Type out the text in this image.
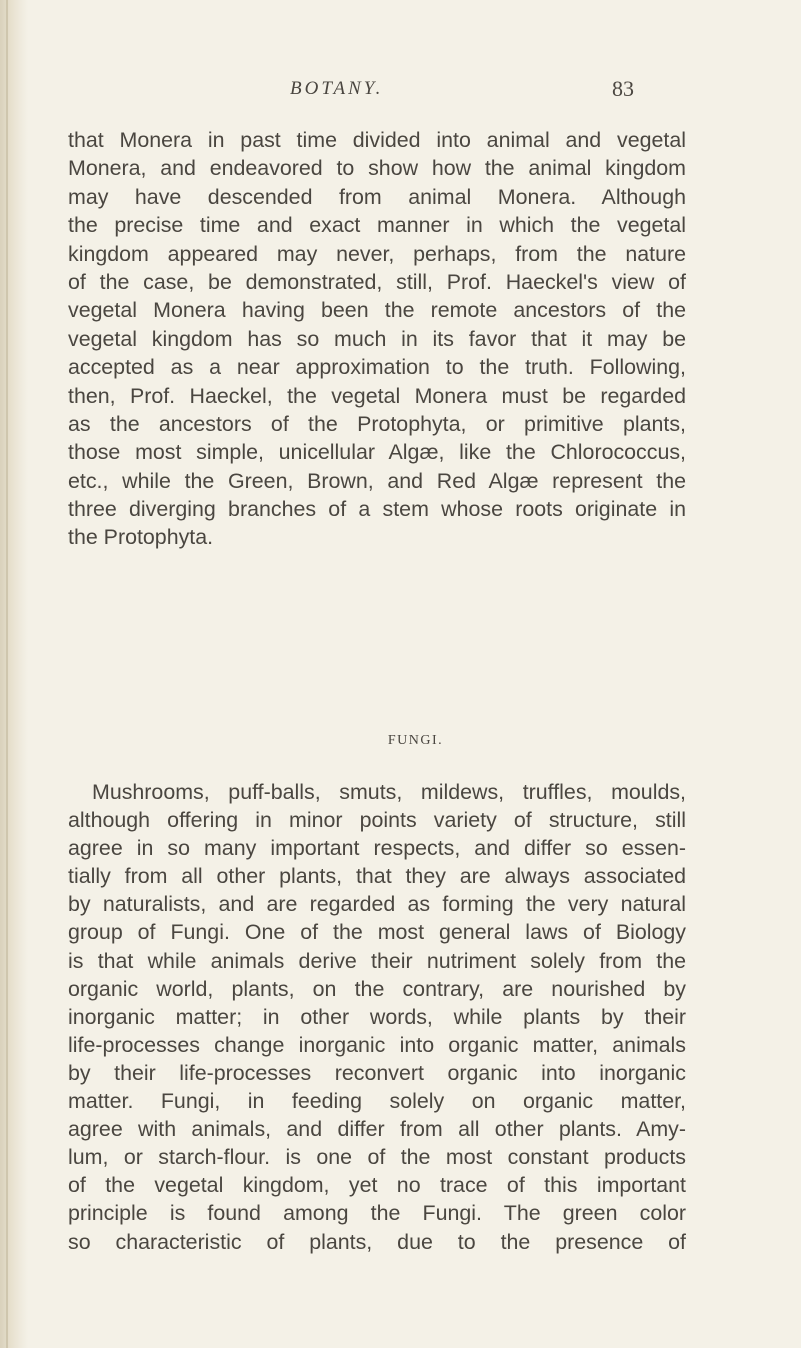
BOTANY.	83
that Monera in past time divided into animal and vegetal
Monera, and endeavored to show how the animal kingdom
may have descended from animal Monera. Although
the precise time and exact manner in which the vegetal
kingdom appeared may never, perhaps, from the nature
of the case, be demonstrated, still, Prof. Haeckel's view of
vegetal Monera having been the remote ancestors of the
vegetal kingdom has so much in its favor that it may be
accepted as a near approximation to the truth. Following,
then, Prof. Haeckel, the vegetal Monera must be regarded
as the ancestors of the Protophyta, or primitive plants,
those most simple, unicellular Algæ, like the Chlorococcus,
etc., while the Green, Brown, and Red Algæ represent the
three diverging branches of a stem whose roots originate in
the Protophyta.
FUNGI.
Mushrooms, puff-balls, smuts, mildews, truffles, moulds,
although offering in minor points variety of structure, still
agree in so many important respects, and differ so essen-
tially from all other plants, that they are always associated
by naturalists, and are regarded as forming the very natural
group of Fungi. One of the most general laws of Biology
is that while animals derive their nutriment solely from the
organic world, plants, on the contrary, are nourished by
inorganic matter; in other words, while plants by their
life-processes change inorganic into organic matter, animals
by their life-processes reconvert organic into inorganic
matter. Fungi, in feeding solely on organic matter,
agree with animals, and differ from all other plants. Amy-
lum, or starch-flour. is one of the most constant products
of the vegetal kingdom, yet no trace of this important
principle is found among the Fungi. The green color
so characteristic of plants, due to the presence of
